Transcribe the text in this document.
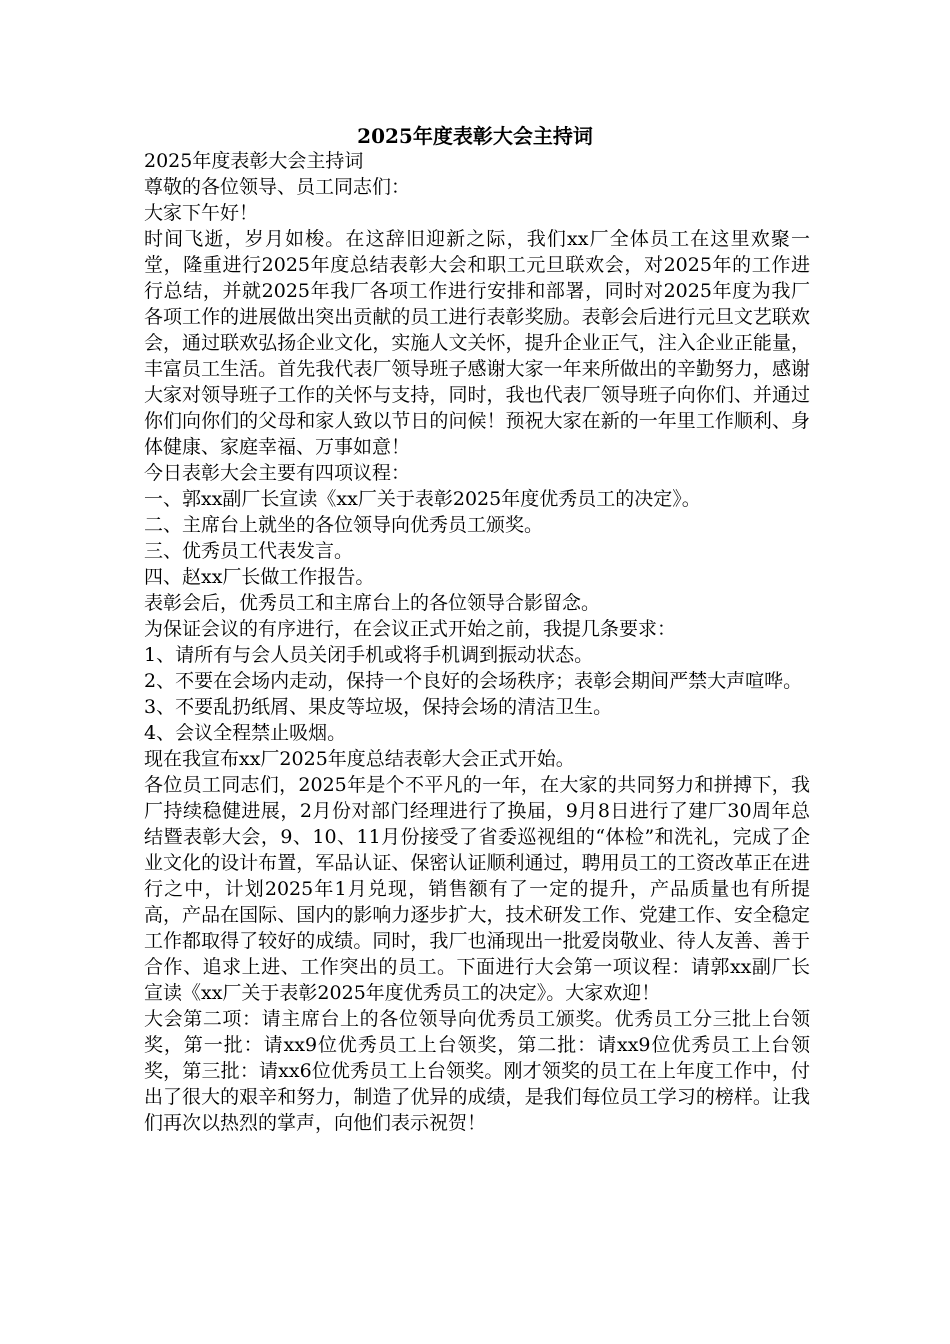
2025年度表彰大会主持词

2025年度表彰大会主持词

尊敬的各位领导、员工同志们：

大家下午好！

时间飞逝，岁月如梭。在这辞旧迎新之际，我们xx厂全体员工在这里欢聚一堂，隆重进行2025年度总结表彰大会和职工元旦联欢会，对2025年的工作进行总结，并就2025年我厂各项工作进行安排和部署，同时对2025年度为我厂各项工作的进展做出突出贡献的员工进行表彰奖励。表彰会后进行元旦文艺联欢会，通过联欢弘扬企业文化，实施人文关怀，提升企业正气，注入企业正能量，丰富员工生活。首先我代表厂领导班子感谢大家一年来所做出的辛勤努力，感谢大家对领导班子工作的关怀与支持，同时，我也代表厂领导班子向你们、并通过你们向你们的父母和家人致以节日的问候！预祝大家在新的一年里工作顺利、身体健康、家庭幸福、万事如意！

今日表彰大会主要有四项议程：

一、郭xx副厂长宣读《xx厂关于表彰2025年度优秀员工的决定》。

二、主席台上就坐的各位领导向优秀员工颁奖。

三、优秀员工代表发言。

四、赵xx厂长做工作报告。

表彰会后，优秀员工和主席台上的各位领导合影留念。

为保证会议的有序进行，在会议正式开始之前，我提几条要求：

1、请所有与会人员关闭手机或将手机调到振动状态。

2、不要在会场内走动，保持一个良好的会场秩序；表彰会期间严禁大声喧哗。

3、不要乱扔纸屑、果皮等垃圾，保持会场的清洁卫生。

4、会议全程禁止吸烟。

现在我宣布xx厂2025年度总结表彰大会正式开始。

各位员工同志们，2025年是个不平凡的一年，在大家的共同努力和拼搏下，我厂持续稳健进展，2月份对部门经理进行了换届，9月8日进行了建厂30周年总结暨表彰大会，9、10、11月份接受了省委巡视组的“体检”和洗礼，完成了企业文化的设计布置，军品认证、保密认证顺利通过，聘用员工的工资改革正在进行之中，计划2025年1月兑现，销售额有了一定的提升，产品质量也有所提高，产品在国际、国内的影响力逐步扩大，技术研发工作、党建工作、安全稳定工作都取得了较好的成绩。同时，我厂也涌现出一批爱岗敬业、待人友善、善于合作、追求上进、工作突出的员工。下面进行大会第一项议程：请郭xx副厂长宣读《xx厂关于表彰2025年度优秀员工的决定》。大家欢迎！

大会第二项：请主席台上的各位领导向优秀员工颁奖。优秀员工分三批上台领奖，第一批：请xx9位优秀员工上台领奖，第二批：请xx9位优秀员工上台领奖，第三批：请xx6位优秀员工上台领奖。刚才领奖的员工在上年度工作中，付出了很大的艰辛和努力，制造了优异的成绩，是我们每位员工学习的榜样。让我们再次以热烈的掌声，向他们表示祝贺！
